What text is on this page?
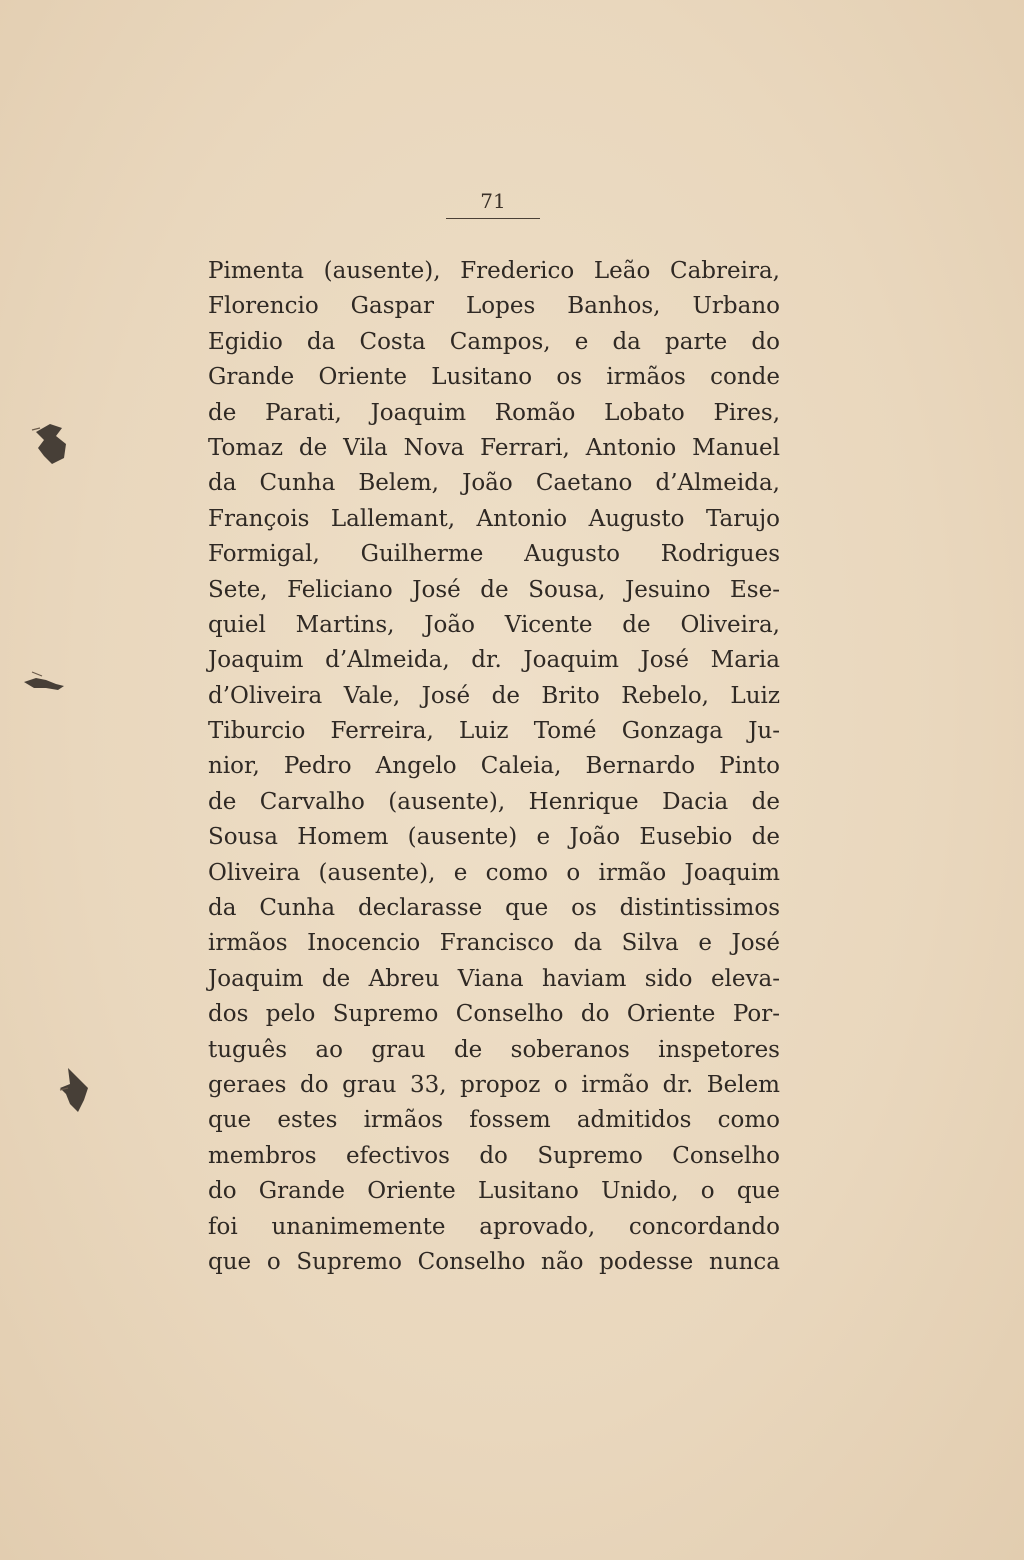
71
Pimenta (ausente), Frederico Leão Cabreira,
Florencio Gaspar Lopes Banhos, Urbano
Egidio da Costa Campos, e da parte do
Grande Oriente Lusitano os irmãos conde
de Parati, Joaquim Romão Lobato Pires,
Tomaz de Vila Nova Ferrari, Antonio Manuel
da Cunha Belem, João Caetano d’Almeida,
François Lallemant, Antonio Augusto Tarujo
Formigal, Guilherme Augusto Rodrigues
Sete, Feliciano José de Sousa, Jesuino Ese-
quiel Martins, João Vicente de Oliveira,
Joaquim d’Almeida, dr. Joaquim José Maria
d’Oliveira Vale, José de Brito Rebelo, Luiz
Tiburcio Ferreira, Luiz Tomé Gonzaga Ju-
nior, Pedro Angelo Caleia, Bernardo Pinto
de Carvalho (ausente), Henrique Dacia de
Sousa Homem (ausente) e João Eusebio de
Oliveira (ausente), e como o irmão Joaquim
da Cunha declarasse que os distintissimos
irmãos Inocencio Francisco da Silva e José
Joaquim de Abreu Viana haviam sido eleva-
dos pelo Supremo Conselho do Oriente Por-
tuguês ao grau de soberanos inspetores
geraes do grau 33, propoz o irmão dr. Belem
que estes irmãos fossem admitidos como
membros efectivos do Supremo Conselho
do Grande Oriente Lusitano Unido, o que
foi unanimemente aprovado, concordando
que o Supremo Conselho não podesse nunca
